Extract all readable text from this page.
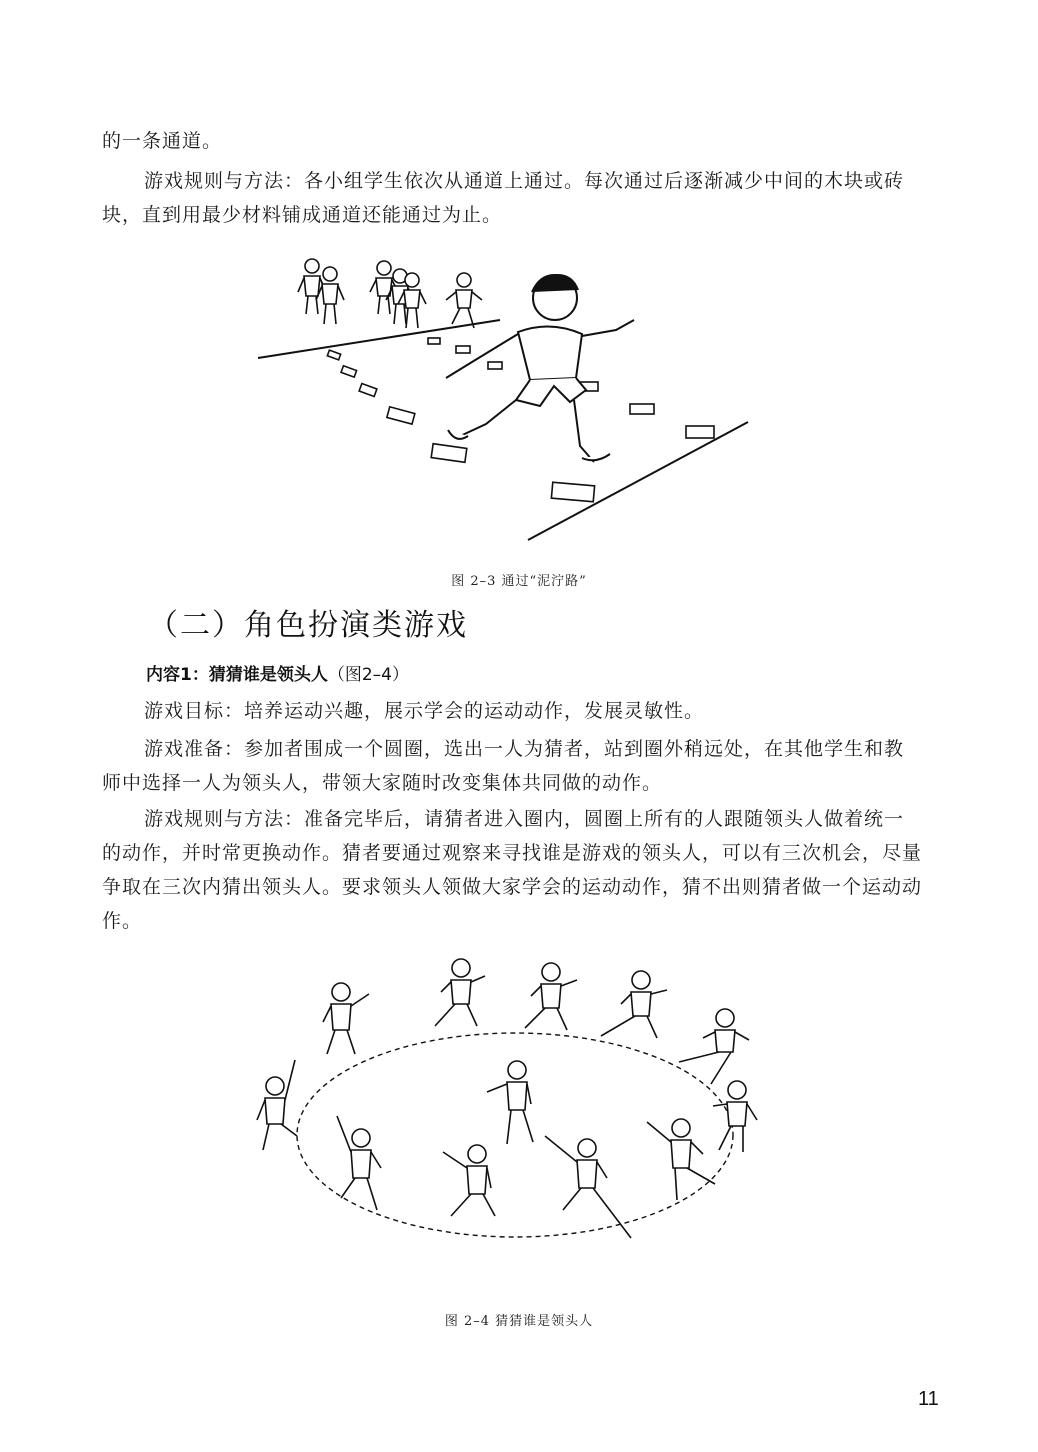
的一条通道。

游戏规则与方法：各小组学生依次从通道上通过。每次通过后逐渐减少中间的木块或砖块，直到用最少材料铺成通道还能通过为止。

图 2–3 通过“泥泞路”
（二）角色扮演类游戏
内容1：猜猜谁是领头人（图2–4）

游戏目标：培养运动兴趣，展示学会的运动动作，发展灵敏性。

游戏准备：参加者围成一个圆圈，选出一人为猜者，站到圈外稍远处，在其他学生和教师中选择一人为领头人，带领大家随时改变集体共同做的动作。

游戏规则与方法：准备完毕后，请猜者进入圈内，圆圈上所有的人跟随领头人做着统一的动作，并时常更换动作。猜者要通过观察来寻找谁是游戏的领头人，可以有三次机会，尽量争取在三次内猜出领头人。要求领头人领做大家学会的运动动作，猜不出则猜者做一个运动动作。

图 2–4 猜猜谁是领头人
11
